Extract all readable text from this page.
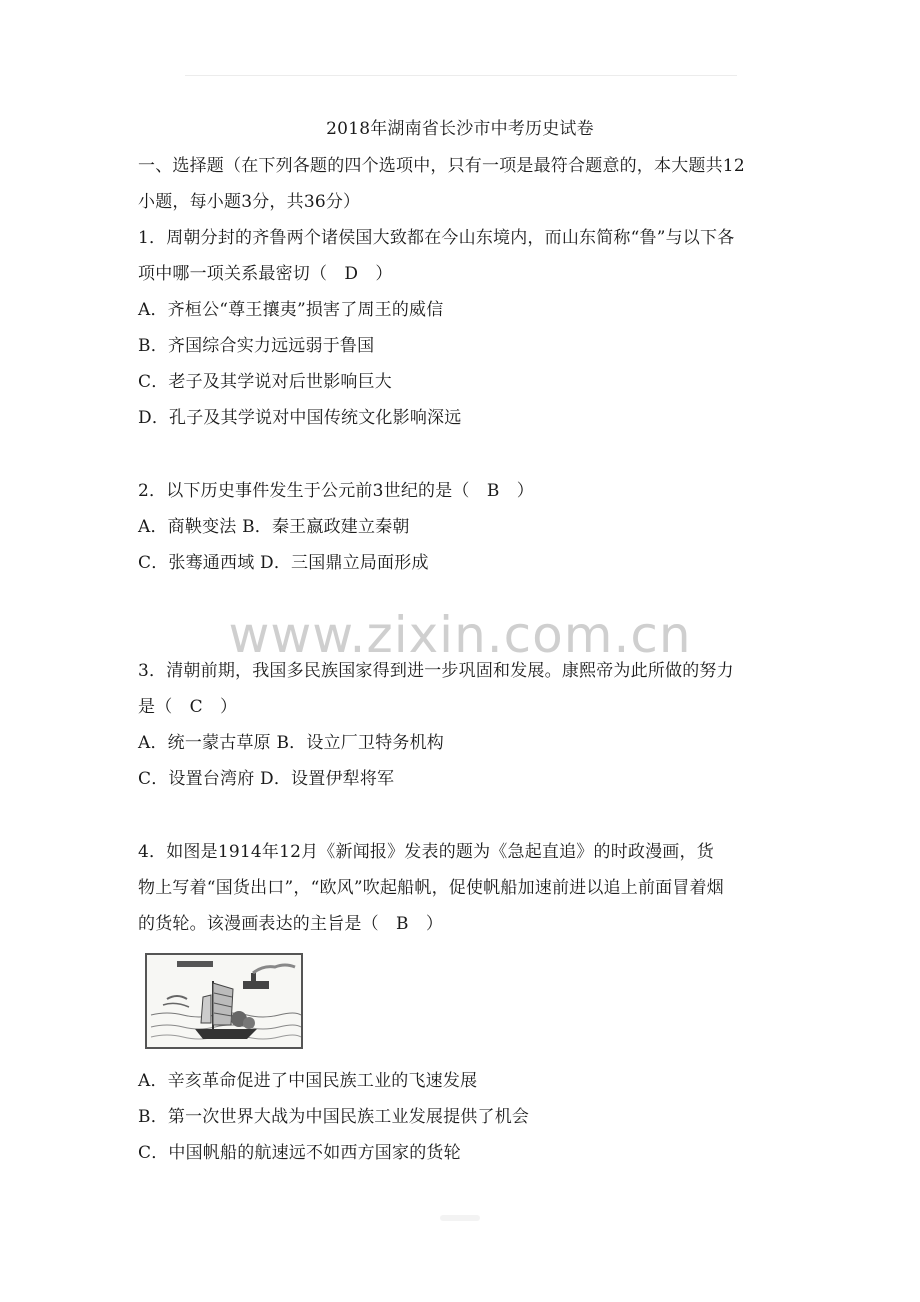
2018年湖南省长沙市中考历史试卷
一、选择题（在下列各题的四个选项中，只有一项是最符合题意的，本大题共12
小题，每小题3分，共36分）
1．周朝分封的齐鲁两个诸侯国大致都在今山东境内，而山东简称“鲁”与以下各
项中哪一项关系最密切（　D　）
A．齐桓公“尊王攘夷”损害了周王的威信
B．齐国综合实力远远弱于鲁国
C．老子及其学说对后世影响巨大
D．孔子及其学说对中国传统文化影响深远
2．以下历史事件发生于公元前3世纪的是（　B　）
A．商鞅变法 B．秦王嬴政建立秦朝
C．张骞通西域 D．三国鼎立局面形成
www.zixin.com.cn
3．清朝前期，我国多民族国家得到进一步巩固和发展。康熙帝为此所做的努力
是（　C　）
A．统一蒙古草原 B．设立厂卫特务机构
C．设置台湾府 D．设置伊犁将军
4．如图是1914年12月《新闻报》发表的题为《急起直追》的时政漫画，货
物上写着“国货出口”，“欧风”吹起船帆，促使帆船加速前进以追上前面冒着烟
的货轮。该漫画表达的主旨是（　B　）
A．辛亥革命促进了中国民族工业的飞速发展
B．第一次世界大战为中国民族工业发展提供了机会
C．中国帆船的航速远不如西方国家的货轮
